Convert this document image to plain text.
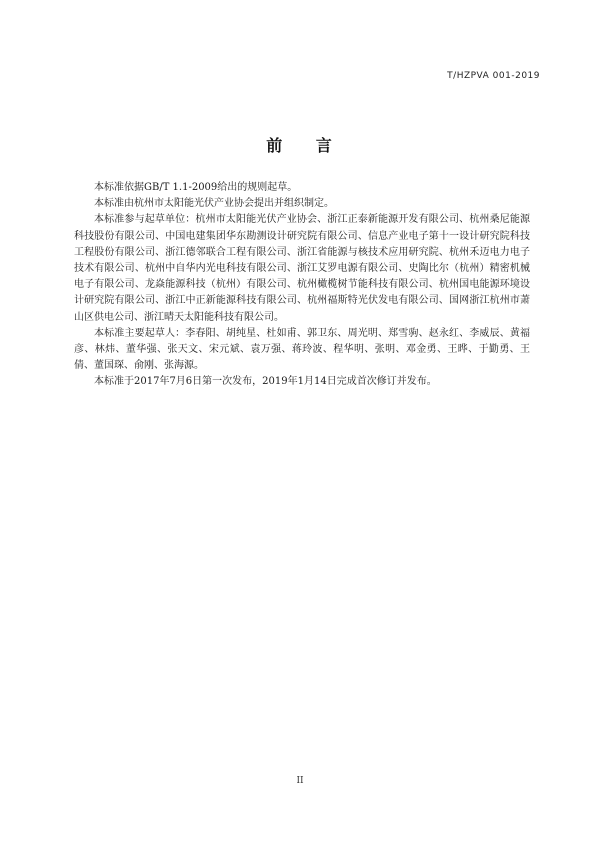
T/HZPVA 001-2019
前 言

本标准依据GB/T 1.1-2009给出的规则起草。

本标准由杭州市太阳能光伏产业协会提出并组织制定。

本标准参与起草单位：杭州市太阳能光伏产业协会、浙江正泰新能源开发有限公司、杭州桑尼能源科技股份有限公司、中国电建集团华东勘测设计研究院有限公司、信息产业电子第十一设计研究院科技工程股份有限公司、浙江德邻联合工程有限公司、浙江省能源与核技术应用研究院、杭州禾迈电力电子技术有限公司、杭州中自华内光电科技有限公司、浙江艾罗电源有限公司、史陶比尔（杭州）精密机械电子有限公司、龙焱能源科技（杭州）有限公司、杭州橄榄树节能科技有限公司、杭州国电能源环境设计研究院有限公司、浙江中正新能源科技有限公司、杭州福斯特光伏发电有限公司、国网浙江杭州市萧山区供电公司、浙江晴天太阳能科技有限公司。

本标准主要起草人：李春阳、胡纯星、杜如甫、郭卫东、周光明、郑雪驹、赵永红、李威辰、黄福彦、林炜、董华强、张天文、宋元斌、袁万强、蒋玲波、程华明、张明、邓金勇、王晔、于勤勇、王倩、董国琛、俞刚、张海源。

本标准于2017年7月6日第一次发布，2019年1月14日完成首次修订并发布。

II
